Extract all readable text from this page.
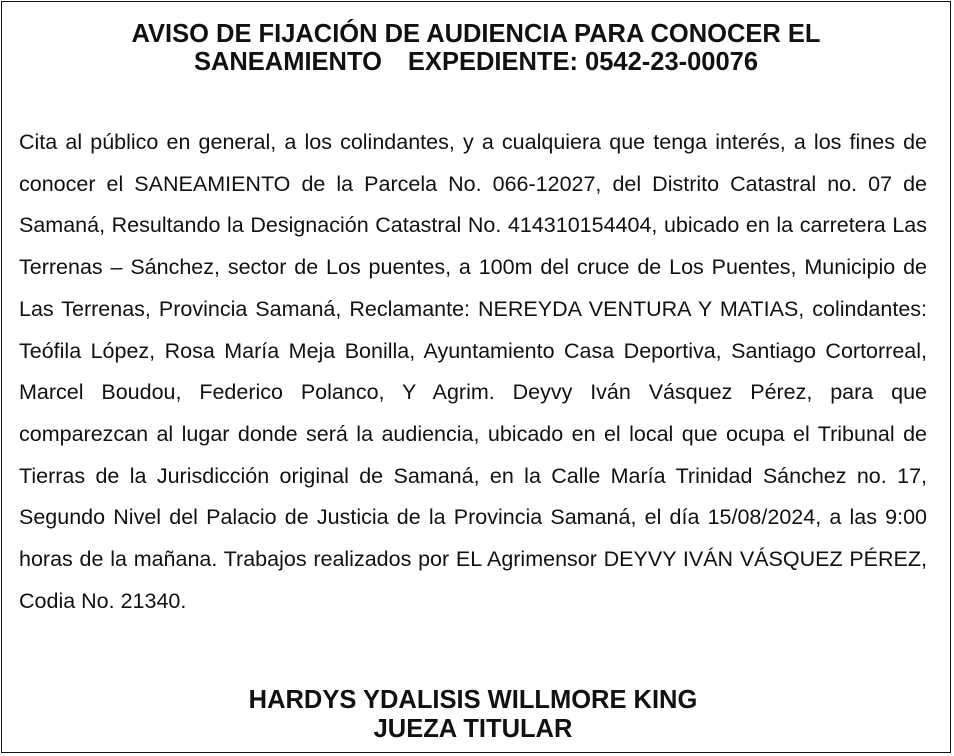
AVISO DE FIJACIÓN DE AUDIENCIA PARA CONOCER EL
SANEAMIENTO EXPEDIENTE: 0542-23-00076

Cita al público en general, a los colindantes, y a cualquiera que tenga interés, a los fines de conocer el SANEAMIENTO de la Parcela No. 066-12027, del Distrito Catastral no. 07 de Samaná, Resultando la Designación Catastral No. 414310154404, ubicado en la carretera Las Terrenas – Sánchez, sector de Los puentes, a 100m del cruce de Los Puentes, Municipio de Las Terrenas, Provincia Samaná, Reclamante: NEREYDA VENTURA Y MATIAS, colindantes: Teófila López, Rosa María Meja Bonilla, Ayuntamiento Casa Deportiva, Santiago Cortorreal, Marcel Boudou, Federico Polanco, Y Agrim. Deyvy Iván Vásquez Pérez, para que comparezcan al lugar donde será la audiencia, ubicado en el local que ocupa el Tribunal de Tierras de la Jurisdicción original de Samaná, en la Calle María Trinidad Sánchez no. 17, Segundo Nivel del Palacio de Justicia de la Provincia Samaná, el día 15/08/2024, a las 9:00 horas de la mañana. Trabajos realizados por EL Agrimensor DEYVY IVÁN VÁSQUEZ PÉREZ, Codia No. 21340.

HARDYS YDALISIS WILLMORE KING
JUEZA TITULAR
